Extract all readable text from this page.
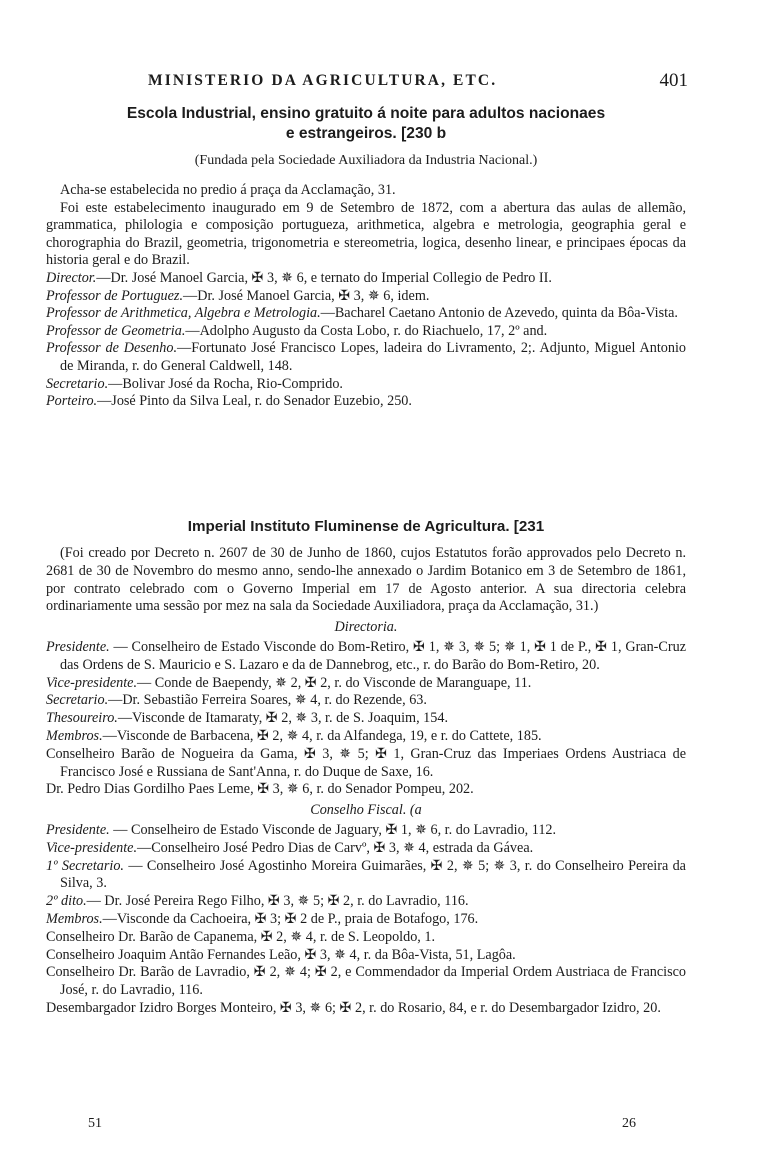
MINISTERIO DA AGRICULTURA, ETC.	401
Escola Industrial, ensino gratuito á noite para adultos nacionaes
e estrangeiros. [230 b
(Fundada pela Sociedade Auxiliadora da Industria Nacional.)

Acha-se estabelecida no predio á praça da Acclamação, 31.

Foi este estabelecimento inaugurado em 9 de Setembro de 1872, com a abertura das aulas de allemão, grammatica, philologia e composição portugueza, arithmetica, algebra e metrologia, geographia geral e chorographia do Brazil, geometria, trigonometria e stereometria, logica, desenho linear, e principaes épocas da historia geral e do Brazil.

Director.—Dr. José Manoel Garcia, ✠ 3, ✵ 6, e ternato do Imperial Collegio de Pedro II.

Professor de Portuguez.—Dr. José Manoel Garcia, ✠ 3, ✵ 6, idem.

Professor de Arithmetica, Algebra e Metrologia.—Bacharel Caetano Antonio de Azevedo, quinta da Bôa-Vista.

Professor de Geometria.—Adolpho Augusto da Costa Lobo, r. do Riachuelo, 17, 2º and.

Professor de Desenho.—Fortunato José Francisco Lopes, ladeira do Livramento, 2;. Adjunto, Miguel Antonio de Miranda, r. do General Caldwell, 148.

Secretario.—Bolivar José da Rocha, Rio-Comprido.

Porteiro.—José Pinto da Silva Leal, r. do Senador Euzebio, 250.

Imperial Instituto Fluminense de Agricultura. [231

(Foi creado por Decreto n. 2607 de 30 de Junho de 1860, cujos Estatutos forão approvados pelo Decreto n. 2681 de 30 de Novembro do mesmo anno, sendo-lhe annexado o Jardim Botanico em 3 de Setembro de 1861, por contrato celebrado com o Governo Imperial em 17 de Agosto anterior. A sua directoria celebra ordinariamente uma sessão por mez na sala da Sociedade Auxiliadora, praça da Acclamação, 31.)

Directoria.

Presidente. — Conselheiro de Estado Visconde do Bom-Retiro, ✠ 1, ✵ 3, ✵ 5; ✵ 1, ✠ 1 de P., ✠ 1, Gran-Cruz das Ordens de S. Mauricio e S. Lazaro e da de Dannebrog, etc., r. do Barão do Bom-Retiro, 20.

Vice-presidente.— Conde de Baependy, ✵ 2, ✠ 2, r. do Visconde de Maranguape, 11.

Secretario.—Dr. Sebastião Ferreira Soares, ✵ 4, r. do Rezende, 63.

Thesoureiro.—Visconde de Itamaraty, ✠ 2, ✵ 3, r. de S. Joaquim, 154.

Membros.—Visconde de Barbacena, ✠ 2, ✵ 4, r. da Alfandega, 19, e r. do Cattete, 185.

Conselheiro Barão de Nogueira da Gama, ✠ 3, ✵ 5; ✠ 1, Gran-Cruz das Imperiaes Ordens Austriaca de Francisco José e Russiana de Sant'Anna, r. do Duque de Saxe, 16.

Dr. Pedro Dias Gordilho Paes Leme, ✠ 3, ✵ 6, r. do Senador Pompeu, 202.

Conselho Fiscal. (a

Presidente. — Conselheiro de Estado Visconde de Jaguary, ✠ 1, ✵ 6, r. do Lavradio, 112.

Vice-presidente.—Conselheiro José Pedro Dias de Carvº, ✠ 3, ✵ 4, estrada da Gávea.

1º Secretario. — Conselheiro José Agostinho Moreira Guimarães, ✠ 2, ✵ 5; ✵ 3, r. do Conselheiro Pereira da Silva, 3.

2º dito.— Dr. José Pereira Rego Filho, ✠ 3, ✵ 5; ✠ 2, r. do Lavradio, 116.

Membros.—Visconde da Cachoeira, ✠ 3; ✠ 2 de P., praia de Botafogo, 176.

Conselheiro Dr. Barão de Capanema, ✠ 2, ✵ 4, r. de S. Leopoldo, 1.

Conselheiro Joaquim Antão Fernandes Leão, ✠ 3, ✵ 4, r. da Bôa-Vista, 51, Lagôa.

Conselheiro Dr. Barão de Lavradio, ✠ 2, ✵ 4; ✠ 2, e Commendador da Imperial Ordem Austriaca de Francisco José, r. do Lavradio, 116.

Desembargador Izidro Borges Monteiro, ✠ 3, ✵ 6; ✠ 2, r. do Rosario, 84, e r. do Desembargador Izidro, 20.

51	26
